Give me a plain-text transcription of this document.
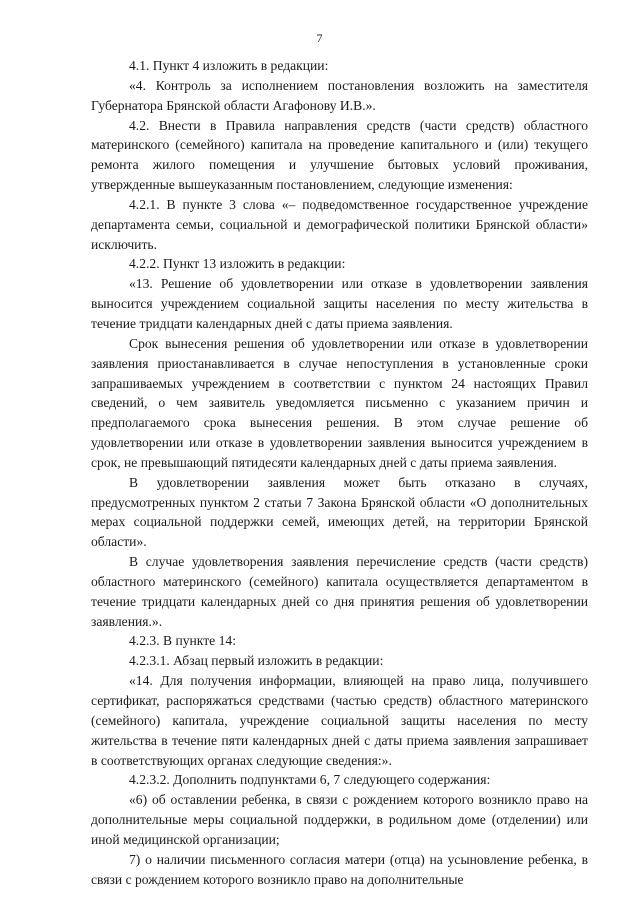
7

4.1. Пункт 4 изложить в редакции:

«4. Контроль за исполнением постановления возложить на заместителя Губернатора Брянской области Агафонову И.В.».

4.2. Внести в Правила направления средств (части средств) областного материнского (семейного) капитала на проведение капитального и (или) текущего ремонта жилого помещения и улучшение бытовых условий проживания, утвержденные вышеуказанным постановлением, следующие изменения:

4.2.1. В пункте 3 слова «– подведомственное государственное учреждение департамента семьи, социальной и демографической политики Брянской области» исключить.

4.2.2. Пункт 13 изложить в редакции:

«13. Решение об удовлетворении или отказе в удовлетворении заявления выносится учреждением социальной защиты населения по месту жительства в течение тридцати календарных дней с даты приема заявления.

Срок вынесения решения об удовлетворении или отказе в удовлетворении заявления приостанавливается в случае непоступления в установленные сроки запрашиваемых учреждением в соответствии с пунктом 24 настоящих Правил сведений, о чем заявитель уведомляется письменно с указанием причин и предполагаемого срока вынесения решения. В этом случае решение об удовлетворении или отказе в удовлетворении заявления выносится учреждением в срок, не превышающий пятидесяти календарных дней с даты приема заявления.

В удовлетворении заявления может быть отказано в случаях, предусмотренных пунктом 2 статьи 7 Закона Брянской области «О дополнительных мерах социальной поддержки семей, имеющих детей, на территории Брянской области».

В случае удовлетворения заявления перечисление средств (части средств) областного материнского (семейного) капитала осуществляется департаментом в течение тридцати календарных дней со дня принятия решения об удовлетворении заявления.».

4.2.3. В пункте 14:

4.2.3.1. Абзац первый изложить в редакции:

«14. Для получения информации, влияющей на право лица, получившего сертификат, распоряжаться средствами (частью средств) областного материнского (семейного) капитала, учреждение социальной защиты населения по месту жительства в течение пяти календарных дней с даты приема заявления запрашивает в соответствующих органах следующие сведения:».

4.2.3.2. Дополнить подпунктами 6, 7 следующего содержания:

«6) об оставлении ребенка, в связи с рождением которого возникло право на дополнительные меры социальной поддержки, в родильном доме (отделении) или иной медицинской организации;

7) о наличии письменного согласия матери (отца) на усыновление ребенка, в связи с рождением которого возникло право на дополнительные
